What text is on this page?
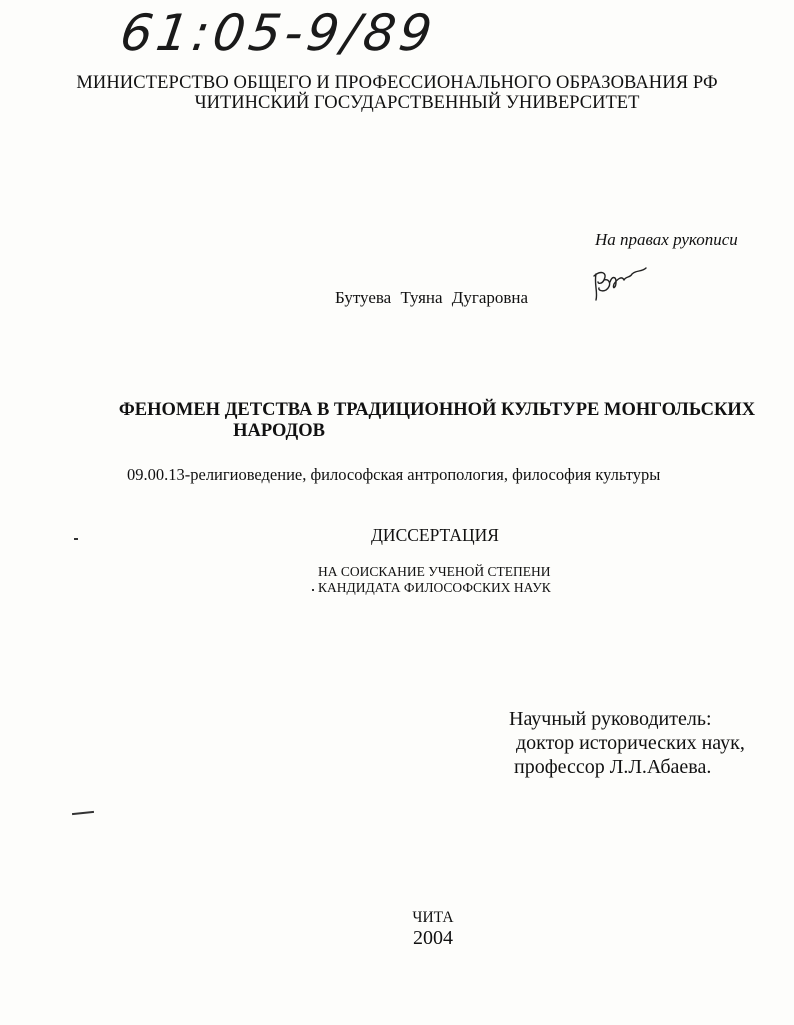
61:05-9/89
МИНИСТЕРСТВО ОБЩЕГО И ПРОФЕССИОНАЛЬНОГО ОБРАЗОВАНИЯ РФ
ЧИТИНСКИЙ ГОСУДАРСТВЕННЫЙ УНИВЕРСИТЕТ
На правах рукописи
Бутуева Туяна Дугаровна
ФЕНОМЕН ДЕТСТВА В ТРАДИЦИОННОЙ КУЛЬТУРЕ МОНГОЛЬСКИХ
НАРОДОВ
09.00.13-религиоведение, философская антропология, философия культуры
ДИССЕРТАЦИЯ
НА СОИСКАНИЕ УЧЕНОЙ СТЕПЕНИ
КАНДИДАТА ФИЛОСОФСКИХ НАУК
Научный руководитель:
доктор исторических наук,
профессор Л.Л.Абаева.
ЧИТА
2004
